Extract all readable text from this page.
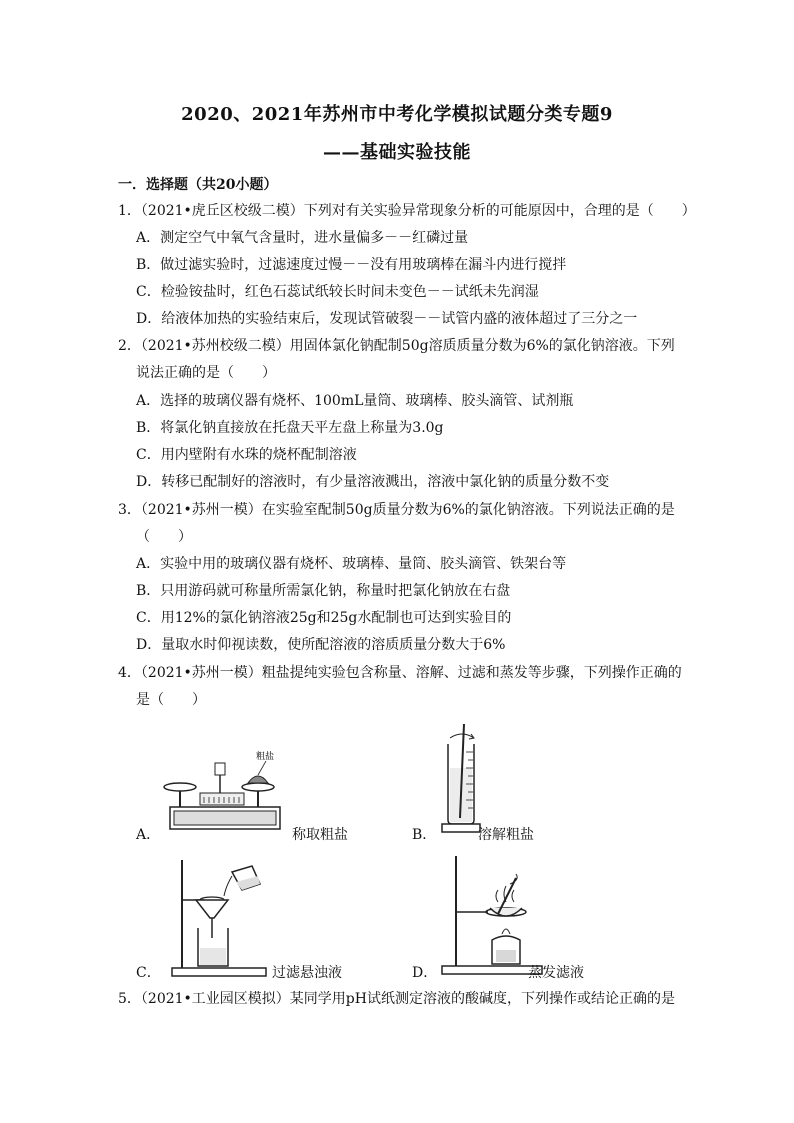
2020、2021年苏州市中考化学模拟试题分类专题9
——基础实验技能
一．选择题（共20小题）
1．（2021•虎丘区校级二模）下列对有关实验异常现象分析的可能原因中，合理的是（　　）
A．测定空气中氧气含量时，进水量偏多－－红磷过量
B．做过滤实验时，过滤速度过慢－－没有用玻璃棒在漏斗内进行搅拌
C．检验铵盐时，红色石蕊试纸较长时间未变色－－试纸未先润湿
D．给液体加热的实验结束后，发现试管破裂－－试管内盛的液体超过了三分之一
2．（2021•苏州校级二模）用固体氯化钠配制50g溶质质量分数为6%的氯化钠溶液。下列
说法正确的是（　　）
A．选择的玻璃仪器有烧杯、100mL量筒、玻璃棒、胶头滴管、试剂瓶
B．将氯化钠直接放在托盘天平左盘上称量为3.0g
C．用内壁附有水珠的烧杯配制溶液
D．转移已配制好的溶液时，有少量溶液溅出，溶液中氯化钠的质量分数不变
3．（2021•苏州一模）在实验室配制50g质量分数为6%的氯化钠溶液。下列说法正确的是
（　　）
A．实验中用的玻璃仪器有烧杯、玻璃棒、量筒、胶头滴管、铁架台等
B．只用游码就可称量所需氯化钠，称量时把氯化钠放在右盘
C．用12%的氯化钠溶液25g和25g水配制也可达到实验目的
D．量取水时仰视读数，使所配溶液的溶质质量分数大于6%
4．（2021•苏州一模）粗盐提纯实验包含称量、溶解、过滤和蒸发等步骤，下列操作正确的
是（　　）
A．
粗盐
称取粗盐	B．	溶解粗盐
C．	过滤悬浊液	D．	蒸发滤液
5．（2021•工业园区模拟）某同学用pH试纸测定溶液的酸碱度，下列操作或结论正确的是
